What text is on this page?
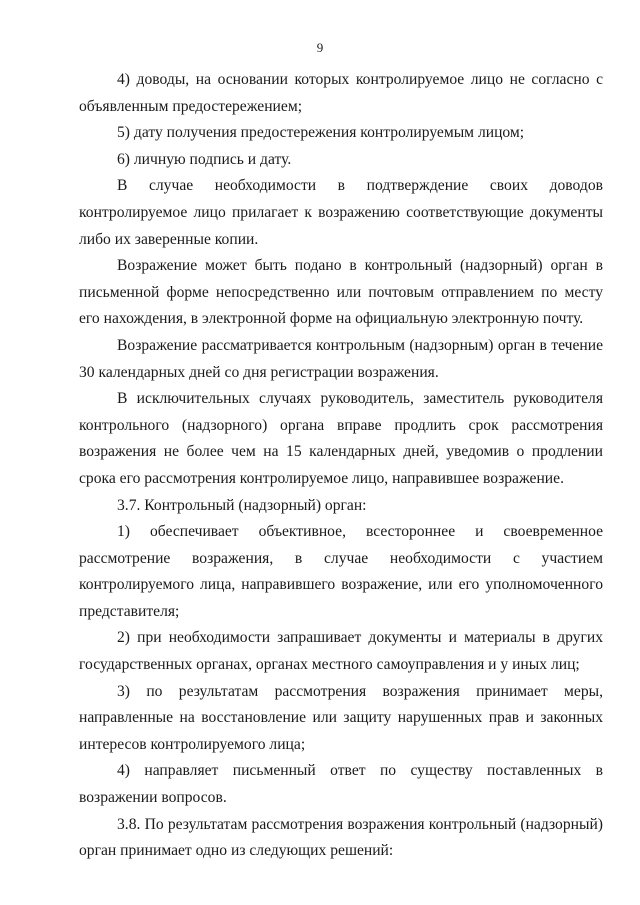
9

4) доводы, на основании которых контролируемое лицо не согласно с объявленным предостережением;

5) дату получения предостережения контролируемым лицом;

6) личную подпись и дату.

В случае необходимости в подтверждение своих доводов контролируемое лицо прилагает к возражению соответствующие документы либо их заверенные копии.

Возражение может быть подано в контрольный (надзорный) орган в письменной форме непосредственно или почтовым отправлением по месту его нахождения, в электронной форме на официальную электронную почту.

Возражение рассматривается контрольным (надзорным) орган в течение 30 календарных дней со дня регистрации возражения.

В исключительных случаях руководитель, заместитель руководителя контрольного (надзорного) органа вправе продлить срок рассмотрения возражения не более чем на 15 календарных дней, уведомив о продлении срока его рассмотрения контролируемое лицо, направившее возражение.

3.7. Контрольный (надзорный) орган:

1) обеспечивает объективное, всестороннее и своевременное рассмотрение возражения, в случае необходимости с участием контролируемого лица, направившего возражение, или его уполномоченного представителя;

2) при необходимости запрашивает документы и материалы в других государственных органах, органах местного самоуправления и у иных лиц;

3) по результатам рассмотрения возражения принимает меры, направленные на восстановление или защиту нарушенных прав и законных интересов контролируемого лица;

4) направляет письменный ответ по существу поставленных в возражении вопросов.

3.8. По результатам рассмотрения возражения контрольный (надзорный) орган принимает одно из следующих решений:
